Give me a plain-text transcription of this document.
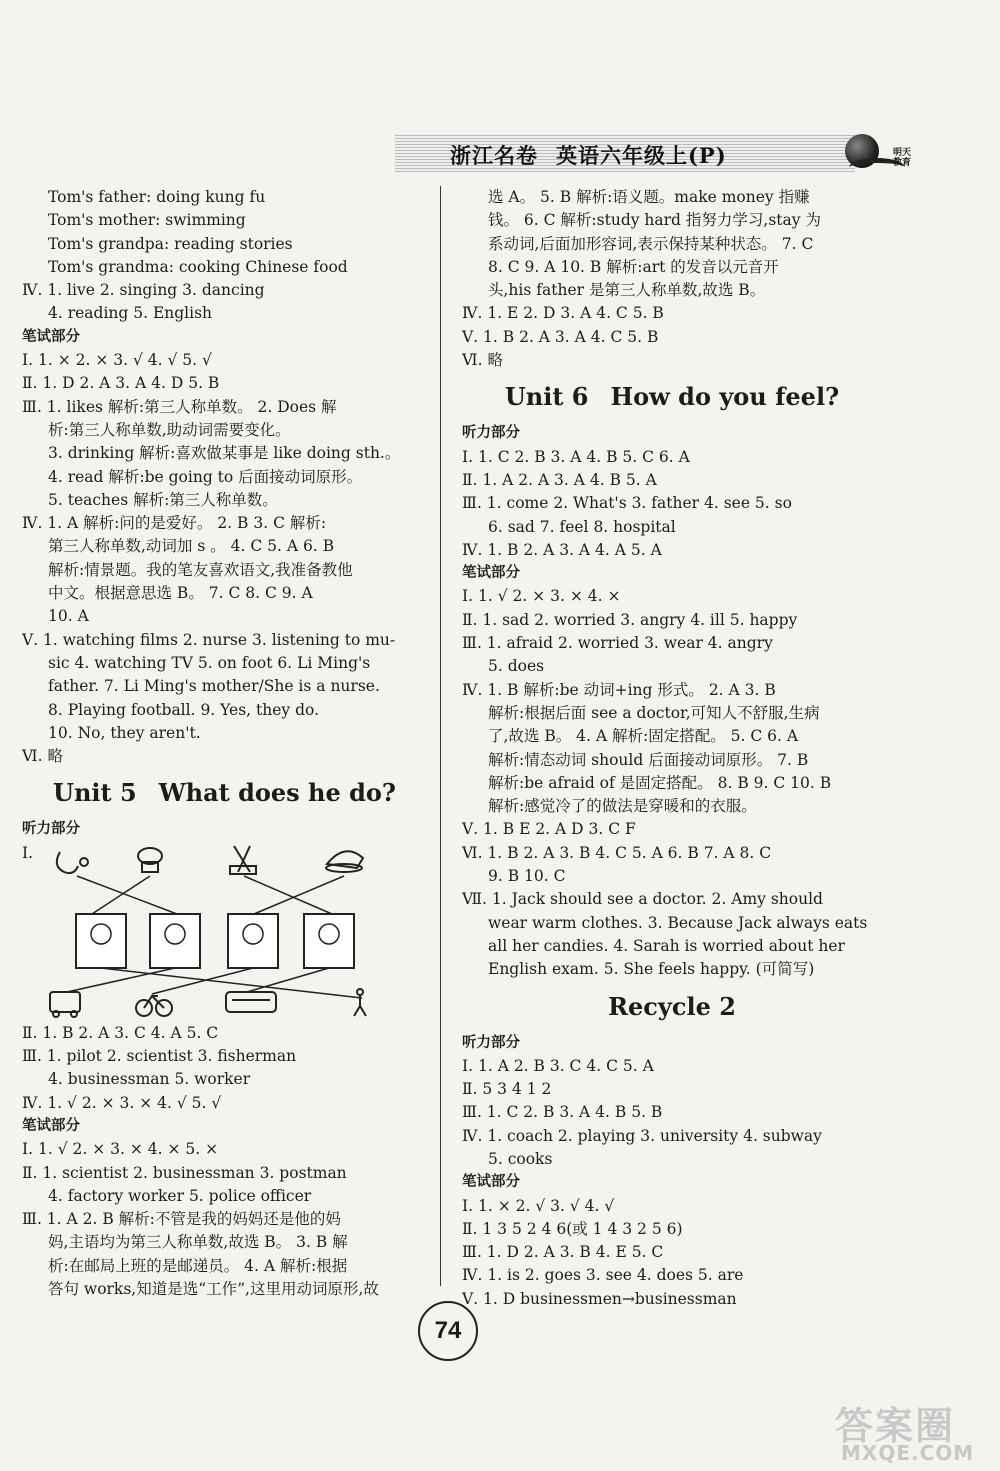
浙江名卷 英语六年级上(P)	明天教育
Tom's father: doing kung fu
Tom's mother: swimming
Tom's grandpa: reading stories
Tom's grandma: cooking Chinese food
Ⅳ. 1. live 2. singing 3. dancing
4. reading 5. English
笔试部分
Ⅰ. 1. × 2. × 3. √ 4. √ 5. √
Ⅱ. 1. D 2. A 3. A 4. D 5. B
Ⅲ. 1. likes 解析:第三人称单数。 2. Does 解
析:第三人称单数,助动词需要变化。
3. drinking 解析:喜欢做某事是 like doing sth.。
4. read 解析:be going to 后面接动词原形。
5. teaches 解析:第三人称单数。
Ⅳ. 1. A 解析:问的是爱好。 2. B 3. C 解析:
第三人称单数,动词加 s 。 4. C 5. A 6. B
解析:情景题。我的笔友喜欢语文,我准备教他
中文。根据意思选 B。 7. C 8. C 9. A
10. A
Ⅴ. 1. watching films 2. nurse 3. listening to mu-
sic 4. watching TV 5. on foot 6. Li Ming's
father. 7. Li Ming's mother/She is a nurse.
8. Playing football. 9. Yes, they do.
10. No, they aren't.
Ⅵ. 略
Unit 5 What does he do?
听力部分
Ⅰ.
Ⅱ. 1. B 2. A 3. C 4. A 5. C
Ⅲ. 1. pilot 2. scientist 3. fisherman
4. businessman 5. worker
Ⅳ. 1. √ 2. × 3. × 4. √ 5. √
笔试部分
Ⅰ. 1. √ 2. × 3. × 4. × 5. ×
Ⅱ. 1. scientist 2. businessman 3. postman
4. factory worker 5. police officer
Ⅲ. 1. A 2. B 解析:不管是我的妈妈还是他的妈
妈,主语均为第三人称单数,故选 B。 3. B 解
析:在邮局上班的是邮递员。 4. A 解析:根据
答句 works,知道是选“工作”,这里用动词原形,故
选 A。 5. B 解析:语义题。make money 指赚
钱。 6. C 解析:study hard 指努力学习,stay 为
系动词,后面加形容词,表示保持某种状态。 7. C
8. C 9. A 10. B 解析:art 的发音以元音开
头,his father 是第三人称单数,故选 B。
Ⅳ. 1. E 2. D 3. A 4. C 5. B
Ⅴ. 1. B 2. A 3. A 4. C 5. B
Ⅵ. 略
Unit 6 How do you feel?
听力部分
Ⅰ. 1. C 2. B 3. A 4. B 5. C 6. A
Ⅱ. 1. A 2. A 3. A 4. B 5. A
Ⅲ. 1. come 2. What's 3. father 4. see 5. so
6. sad 7. feel 8. hospital
Ⅳ. 1. B 2. A 3. A 4. A 5. A
笔试部分
Ⅰ. 1. √ 2. × 3. × 4. ×
Ⅱ. 1. sad 2. worried 3. angry 4. ill 5. happy
Ⅲ. 1. afraid 2. worried 3. wear 4. angry
5. does
Ⅳ. 1. B 解析:be 动词+ing 形式。 2. A 3. B
解析:根据后面 see a doctor,可知人不舒服,生病
了,故选 B。 4. A 解析:固定搭配。 5. C 6. A
解析:情态动词 should 后面接动词原形。 7. B
解析:be afraid of 是固定搭配。 8. B 9. C 10. B
解析:感觉冷了的做法是穿暖和的衣服。
Ⅴ. 1. B E 2. A D 3. C F
Ⅵ. 1. B 2. A 3. B 4. C 5. A 6. B 7. A 8. C
9. B 10. C
Ⅶ. 1. Jack should see a doctor. 2. Amy should
wear warm clothes. 3. Because Jack always eats
all her candies. 4. Sarah is worried about her
English exam. 5. She feels happy. (可简写)
Recycle 2
听力部分
Ⅰ. 1. A 2. B 3. C 4. C 5. A
Ⅱ. 5 3 4 1 2
Ⅲ. 1. C 2. B 3. A 4. B 5. B
Ⅳ. 1. coach 2. playing 3. university 4. subway
5. cooks
笔试部分
Ⅰ. 1. × 2. √ 3. √ 4. √
Ⅱ. 1 3 5 2 4 6(或 1 4 3 2 5 6)
Ⅲ. 1. D 2. A 3. B 4. E 5. C
Ⅳ. 1. is 2. goes 3. see 4. does 5. are
Ⅴ. 1. D businessmen→businessman
74
答案圈
MXQE.COM
